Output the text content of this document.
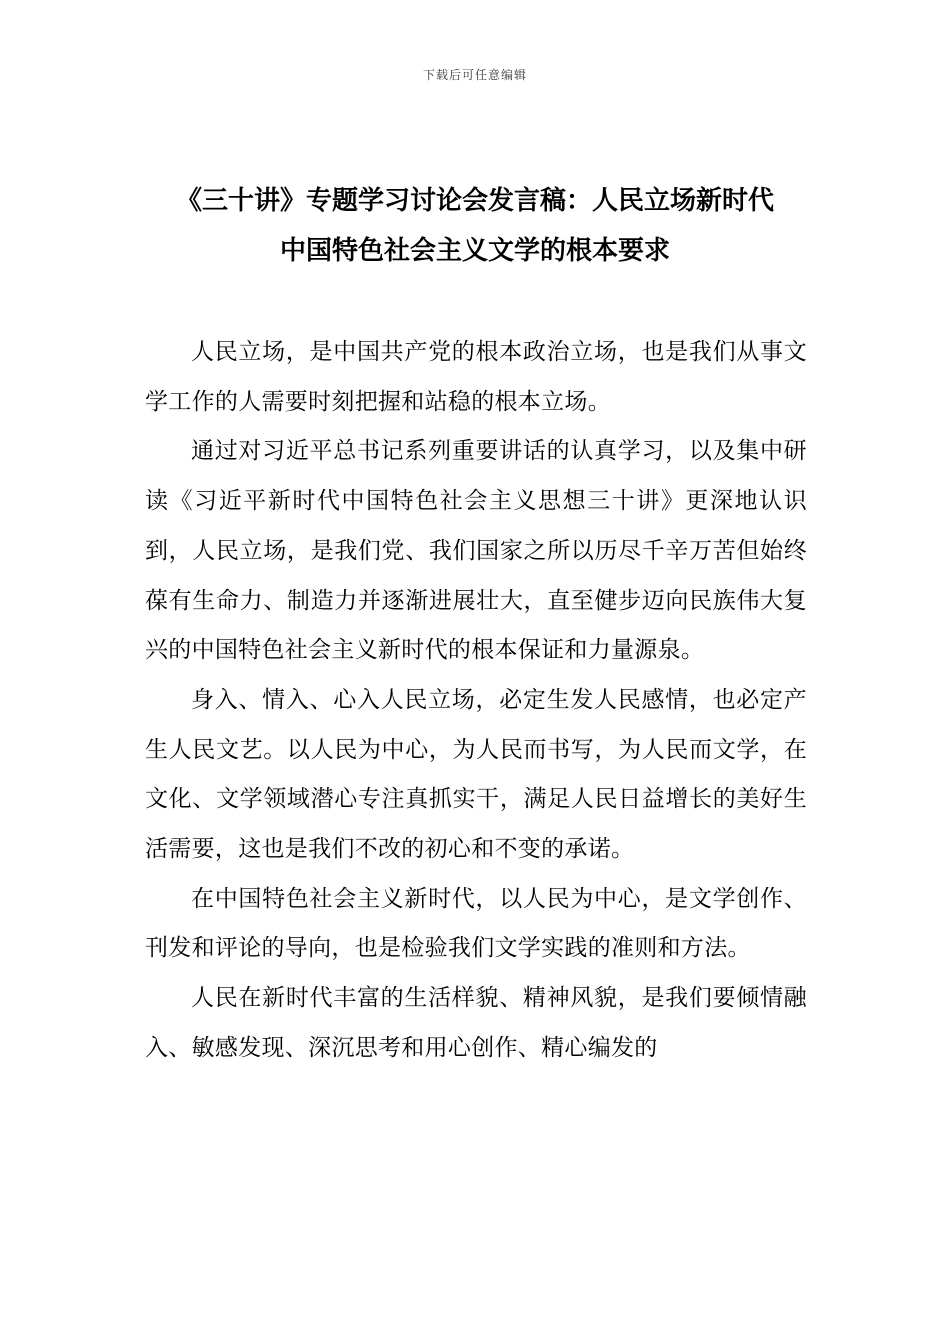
下载后可任意编辑
《三十讲》专题学习讨论会发言稿：人民立场新时代
中国特色社会主义文学的根本要求

人民立场，是中国共产党的根本政治立场，也是我们从事文学工作的人需要时刻把握和站稳的根本立场。

通过对习近平总书记系列重要讲话的认真学习，以及集中研读《习近平新时代中国特色社会主义思想三十讲》更深地认识到，人民立场，是我们党、我们国家之所以历尽千辛万苦但始终葆有生命力、制造力并逐渐进展壮大，直至健步迈向民族伟大复兴的中国特色社会主义新时代的根本保证和力量源泉。

身入、情入、心入人民立场，必定生发人民感情，也必定产生人民文艺。以人民为中心，为人民而书写，为人民而文学，在文化、文学领域潜心专注真抓实干，满足人民日益增长的美好生活需要，这也是我们不改的初心和不变的承诺。

在中国特色社会主义新时代，以人民为中心，是文学创作、刊发和评论的导向，也是检验我们文学实践的准则和方法。

人民在新时代丰富的生活样貌、精神风貌，是我们要倾情融入、敏感发现、深沉思考和用心创作、精心编发的
